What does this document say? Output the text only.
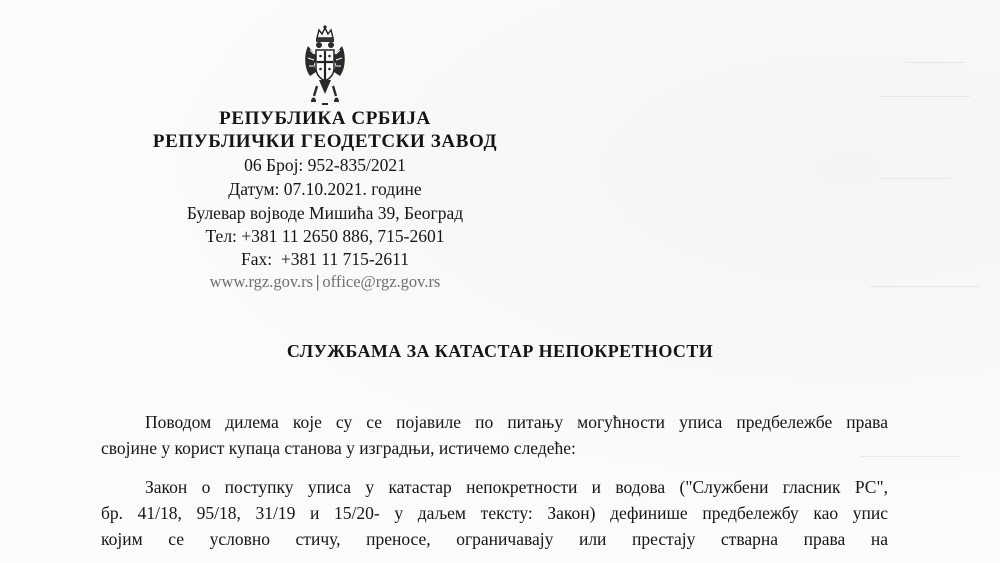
РЕПУБЛИКА СРБИЈА
РЕПУБЛИЧКИ ГЕОДЕТСКИ ЗАВОД
06 Број: 952-835/2021
Датум: 07.10.2021. године
Булевар војводе Мишића 39, Београд
Тел: +381 11 2650 886, 715-2601
Fax:  +381 11 715-2611
www.rgz.gov.rs | office@rgz.gov.rs
СЛУЖБАМА ЗА КАТАСТАР НЕПОКРЕТНОСТИ
Поводом дилема које су се појавиле по питању могућности уписа предбележбе права
својине у корист купаца станова у изградњи, истичемо следеће:
Закон о поступку уписа у катастар непокретности и водова ("Службени гласник РС",
бр. 41/18, 95/18, 31/19 и 15/20- у даљем тексту: Закон) дефинише предбележбу као упис
којим се условно стичу, преносе, ограничавају или престају стварна права на
